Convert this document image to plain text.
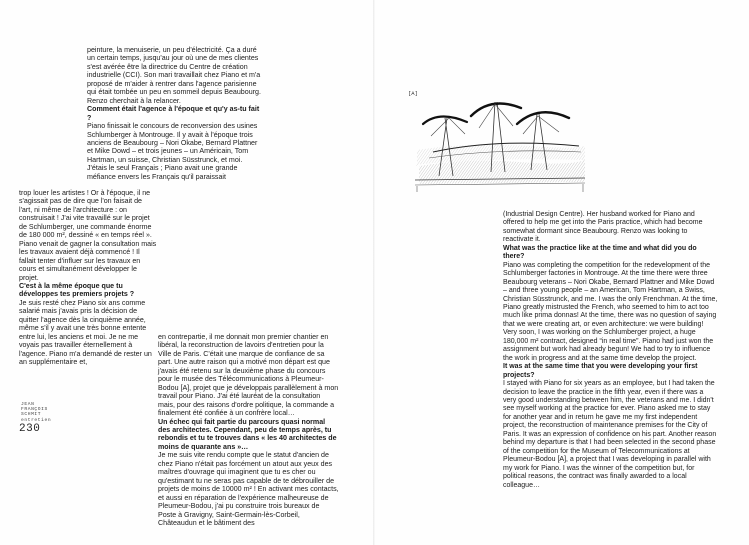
peinture, la menuiserie, un peu d'électricité. Ça a duré un certain temps, jusqu'au jour où une de mes clientes s'est avérée être la directrice du Centre de création industrielle (CCI). Son mari travaillait chez Piano et m'a proposé de m'aider à rentrer dans l'agence parisienne qui était tombée un peu en sommeil depuis Beaubourg. Renzo cherchait à la relancer.

Comment était l'agence à l'époque et qu'y as-tu fait ?

Piano finissait le concours de reconversion des usines Schlumberger à Montrouge. Il y avait à l'époque trois anciens de Beaubourg – Nori Okabe, Bernard Plattner et Mike Dowd – et trois jeunes – un Américain, Tom Hartman, un suisse, Christian Süsstrunck, et moi. J'étais le seul Français ; Piano avait une grande méfiance envers les Français qu'il paraissait

trop louer les artistes ! Or à l'époque, il ne s'agissait pas de dire que l'on faisait de l'art, ni même de l'architecture : on construisait ! J'ai vite travaillé sur le projet de Schlumberger, une commande énorme de 180 000 m², dessiné « en temps réel ». Piano venait de gagner la consultation mais les travaux avaient déjà commencé ! Il fallait tenter d'influer sur les travaux en cours et simultanément développer le projet.

C'est à la même époque que tu développes tes premiers projets ?

Je suis resté chez Piano six ans comme salarié mais j'avais pris la décision de quitter l'agence dès la cinquième année, même s'il y avait une très bonne entente entre lui, les anciens et moi. Je ne me voyais pas travailler éternellement à l'agence. Piano m'a demandé de rester un an supplémentaire et,

en contrepartie, il me donnait mon premier chantier en libéral, la reconstruction de lavoirs d'entretien pour la Ville de Paris. C'était une marque de confiance de sa part. Une autre raison qui a motivé mon départ est que j'avais été retenu sur la deuxième phase du concours pour le musée des Télécommunications à Pleumeur-Bodou [A], projet que je développais parallèlement à mon travail pour Piano. J'ai été lauréat de la consultation mais, pour des raisons d'ordre politique, la commande a finalement été confiée à un confrère local…

Un échec qui fait partie du parcours quasi normal des architectes. Cependant, peu de temps après, tu rebondis et tu te trouves dans « les 40 architectes de moins de quarante ans »…

Je me suis vite rendu compte que le statut d'ancien de chez Piano n'était pas forcément un atout aux yeux des maîtres d'ouvrage qui imaginent que tu es cher ou qu'estimant tu ne seras pas capable de te débrouiller de projets de moins de 10000 m² ! En activant mes contacts, et aussi en réparation de l'expérience malheureuse de Pleumeur-Bodou, j'ai pu construire trois bureaux de Poste à Gravigny, Saint-Germain-lès-Corbeil, Châteaudun et le bâtiment des

JEAN
FRANÇOIS
SCHMIT
entretien
230
[A]

(Industrial Design Centre). Her husband worked for Piano and offered to help me get into the Paris practice, which had become somewhat dormant since Beaubourg. Renzo was looking to reactivate it.

What was the practice like at the time and what did you do there?

Piano was completing the competition for the redevelopment of the Schlumberger factories in Montrouge. At the time there were three Beaubourg veterans – Nori Okabe, Bernard Plattner and Mike Dowd – and three young people – an American, Tom Hartman, a Swiss, Christian Süsstrunck, and me. I was the only Frenchman. At the time, Piano greatly mistrusted the French, who seemed to him to act too much like prima donnas! At the time, there was no question of saying that we were creating art, or even architecture: we were building! Very soon, I was working on the Schlumberger project, a huge 180,000 m² contract, designed “in real time”. Piano had just won the assignment but work had already begun! We had to try to influence the work in progress and at the same time develop the project.

It was at the same time that you were developing your first projects?

I stayed with Piano for six years as an employee, but I had taken the decision to leave the practice in the fifth year, even if there was a very good understanding between him, the veterans and me. I didn't see myself working at the practice for ever. Piano asked me to stay for another year and in return he gave me my first independent project, the reconstruction of maintenance premises for the City of Paris. It was an expression of confidence on his part. Another reason behind my departure is that I had been selected in the second phase of the competition for the Museum of Telecommunications at Pleumeur-Bodou [A], a project that I was developing in parallel with my work for Piano. I was the winner of the competition but, for political reasons, the contract was finally awarded to a local colleague…
